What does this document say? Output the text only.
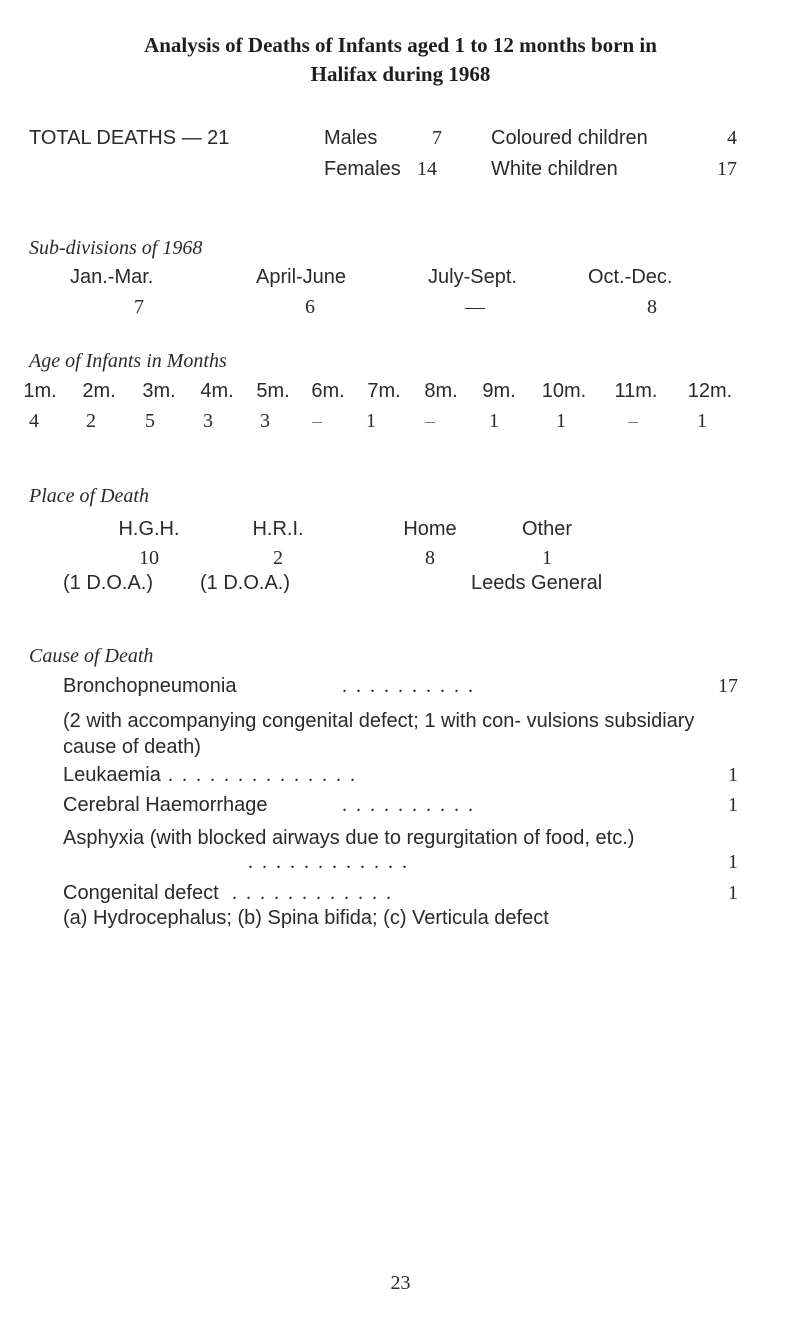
Analysis of Deaths of Infants aged 1 to 12 months born in
Halifax during 1968
TOTAL DEATHS — 21	Males	7 Coloured children	4
Females 14	White children	17
Sub-divisions of 1968
Jan.-Mar.	April-June	July-Sept.	Oct.-Dec.
7	6	—	8
Age of Infants in Months
1m.	2m.	3m.	4m.	5m.	6m.	7m.	8m.	9m.	10m.	11m.	12m.
4	2	5	3	3	–	1	–	1	1	–	1
Place of Death
H.G.H.	H.R.I.	Home	Other
10	2	8	1
(1 D.O.A.) (1 D.O.A.)	Leeds General
Cause of Death
Bronchopneumonia	. . . . . . . . . .	17
(2 with accompanying congenital defect; 1 with con- vulsions subsidiary cause of death)
Leukaemia . . . . . . . . . . . . . .	1
Cerebral Haemorrhage	. . . . . . . . . .	1
Asphyxia (with blocked airways due to regurgitation of food, etc.)
. . . . . . . . . . . .	1
Congenital defect . . . . . . . . . . . .	1
(a) Hydrocephalus; (b) Spina bifida; (c) Verticula defect
23
